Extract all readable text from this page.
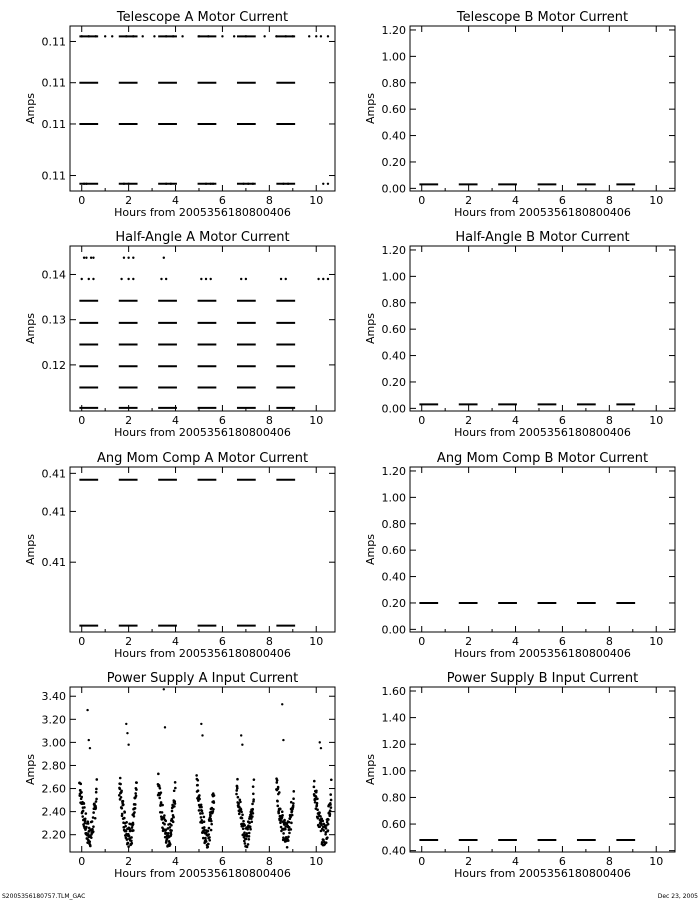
Telescope A Motor Current
0	2	4	6	8	10
0.11
0.11
0.11
0.11
Hours from 2005356180800406
Amps
Telescope B Motor Current
0	2	4	6	8	10
0.00
0.20
0.40
0.60
0.80
1.00
1.20
Hours from 2005356180800406
Amps
Half-Angle A Motor Current
0	2	4	6	8	10
0.12
0.13
0.14
Hours from 2005356180800406
Amps
Half-Angle B Motor Current
0	2	4	6	8	10
0.00
0.20
0.40
0.60
0.80
1.00
1.20
Hours from 2005356180800406
Amps
Ang Mom Comp A Motor Current
0	2	4	6	8	10
0.41
0.41
0.41
Hours from 2005356180800406
Amps
Ang Mom Comp B Motor Current
0	2	4	6	8	10
0.00
0.20
0.40
0.60
0.80
1.00
1.20
Hours from 2005356180800406
Amps
Power Supply A Input Current
0	2	4	6	8	10
2.20
2.40
2.60
2.80
3.00
3.20
3.40
Hours from 2005356180800406
Amps
Power Supply B Input Current
0	2	4	6	8	10
0.40
0.60
0.80
1.00
1.20
1.40
1.60
Hours from 2005356180800406
Amps
S2005356180757.TLM_GAC	Dec 23, 2005
